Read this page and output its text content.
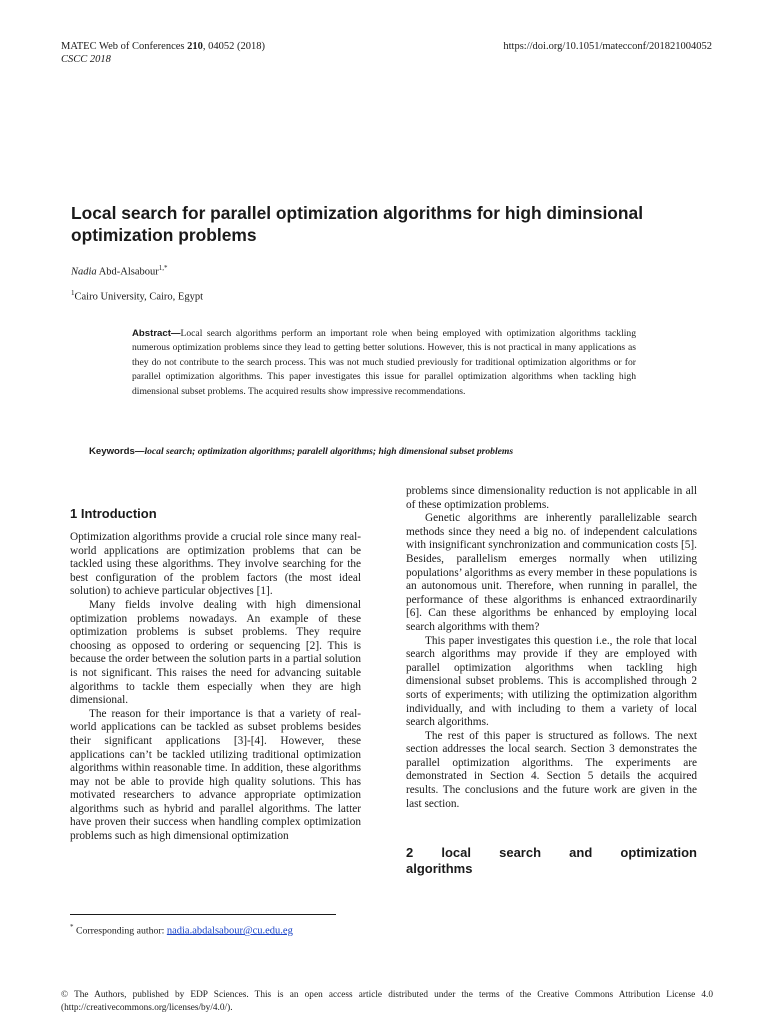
MATEC Web of Conferences 210, 04052 (2018)
CSCC 2018
https://doi.org/10.1051/matecconf/201821004052
Local search for parallel optimization algorithms for high diminsional optimization problems
Nadia Abd-Alsabour$^{1,*}$
$^1$Cairo University, Cairo, Egypt

Abstract—Local search algorithms perform an important role when being employed with optimization algorithms tackling numerous optimization problems since they lead to getting better solutions. However, this is not practical in many applications as they do not contribute to the search process. This was not much studied previously for traditional optimization algorithms or for parallel optimization algorithms. This paper investigates this issue for parallel optimization algorithms when tackling high dimensional subset problems. The acquired results show impressive recommendations.

Keywords—local search; optimization algorithms; paralell algorithms; high dimensional subset problems
1 Introduction

Optimization algorithms provide a crucial role since many real-world applications are optimization problems that can be tackled using these algorithms. They involve searching for the best configuration of the problem factors (the most ideal solution) to achieve particular objectives [1].

Many fields involve dealing with high dimensional optimization problems nowadays. An example of these optimization problems is subset problems. They require choosing as opposed to ordering or sequencing [2]. This is because the order between the solution parts in a partial solution is not significant. This raises the need for advancing suitable algorithms to tackle them especially when they are high dimensional.

The reason for their importance is that a variety of real-world applications can be tackled as subset problems besides their significant applications [3]-[4]. However, these applications can’t be tackled utilizing traditional optimization algorithms within reasonable time. In addition, these algorithms may not be able to provide high quality solutions. This has motivated researchers to advance appropriate optimization algorithms such as hybrid and parallel algorithms. The latter have proven their success when handling complex optimization problems such as high dimensional optimization

problems since dimensionality reduction is not applicable in all of these optimization problems.

Genetic algorithms are inherently parallelizable search methods since they need a big no. of independent calculations with insignificant synchronization and communication costs [5]. Besides, parallelism emerges normally when utilizing populations’ algorithms as every member in these populations is an autonomous unit. Therefore, when running in parallel, the performance of these algorithms is enhanced extraordinarily [6]. Can these algorithms be enhanced by employing local search algorithms with them?

This paper investigates this question i.e., the role that local search algorithms may provide if they are employed with parallel optimization algorithms when tackling high dimensional subset problems. This is accomplished through 2 sorts of experiments; with utilizing the optimization algorithm individually, and with including to them a variety of local search algorithms.

The rest of this paper is structured as follows. The next section addresses the local search. Section 3 demonstrates the parallel optimization algorithms. The experiments are demonstrated in Section 4. Section 5 details the acquired results. The conclusions and the future work are given in the last section.

2 local search and optimization
algorithms
* Corresponding author: nadia.abdalsabour@cu.edu.eg
© The Authors, published by EDP Sciences. This is an open access article distributed under the terms of the Creative Commons Attribution License 4.0 (http://creativecommons.org/licenses/by/4.0/).
